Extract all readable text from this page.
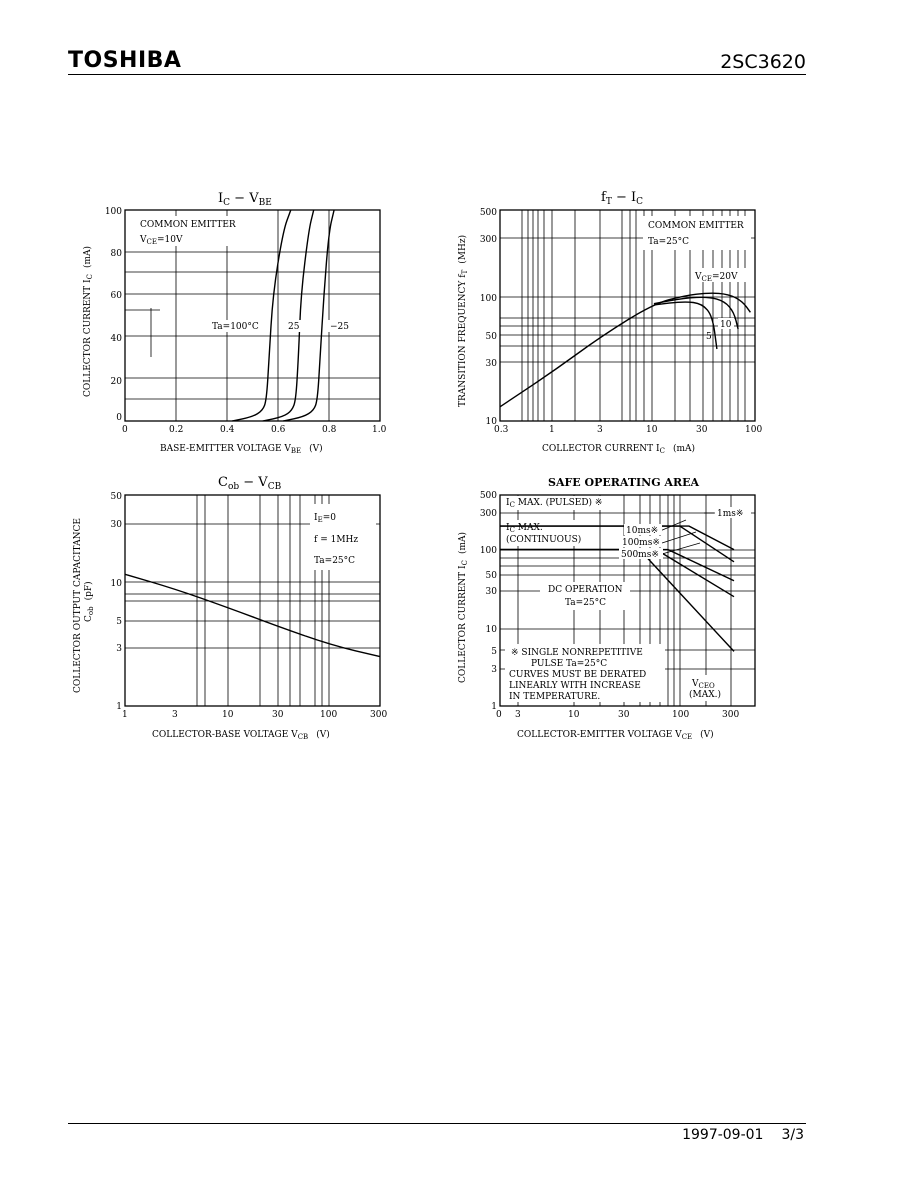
TOSHIBA	2SC3620
1997-09-01 3/3
$I_C - V_{BE}$
0	0.2	0.4	0.6	0.8	1.0
0
20
40
60
80
100
BASE-EMITTER VOLTAGE $V_{BE}$ (V)
COLLECTOR CURRENT $I_C(mA)$
COMMON EMITTER
$V_{CE}=10V$
Ta=100°C	25	−25
$f_T - I_C$
0.3	1	3	10	30	100
10
30
50
100
300
500
COLLECTOR CURRENT $I_C$ (mA)
TRANSITION FREQUENCY $f_T(MHz)$
COMMON EMITTER
Ta=25°C
$V_{CE}=20V$
10
5
$C_{ob} - V_{CB}$
1	3	10	30	100	300
1
3
5
10
30
50
COLLECTOR-BASE VOLTAGE $V_{CB}$ (V)
COLLECTOR OUTPUT CAPACITANCE $C_{ob}(pF)$
$I_E=0$
f = 1MHz
Ta=25°C
SAFE OPERATING AREA
0 3	10	30	100	300
1
3
5
10
30
50
100
300
500
COLLECTOR-EMITTER VOLTAGE $V_{CE}$ (V)
COLLECTOR CURRENT $I_C(mA)$
$I_C$ MAX. (PULSED) ※
$I_C$ MAX.
(CONTINUOUS)
10ms※
100ms※
500ms※
1ms※
DC OPERATION
Ta=25°C
※ SINGLE NONREPETITIVE
PULSE Ta=25°C
CURVES MUST BE DERATED
LINEARLY WITH INCREASE
IN TEMPERATURE.
$V_{CEO}$
(MAX.)
